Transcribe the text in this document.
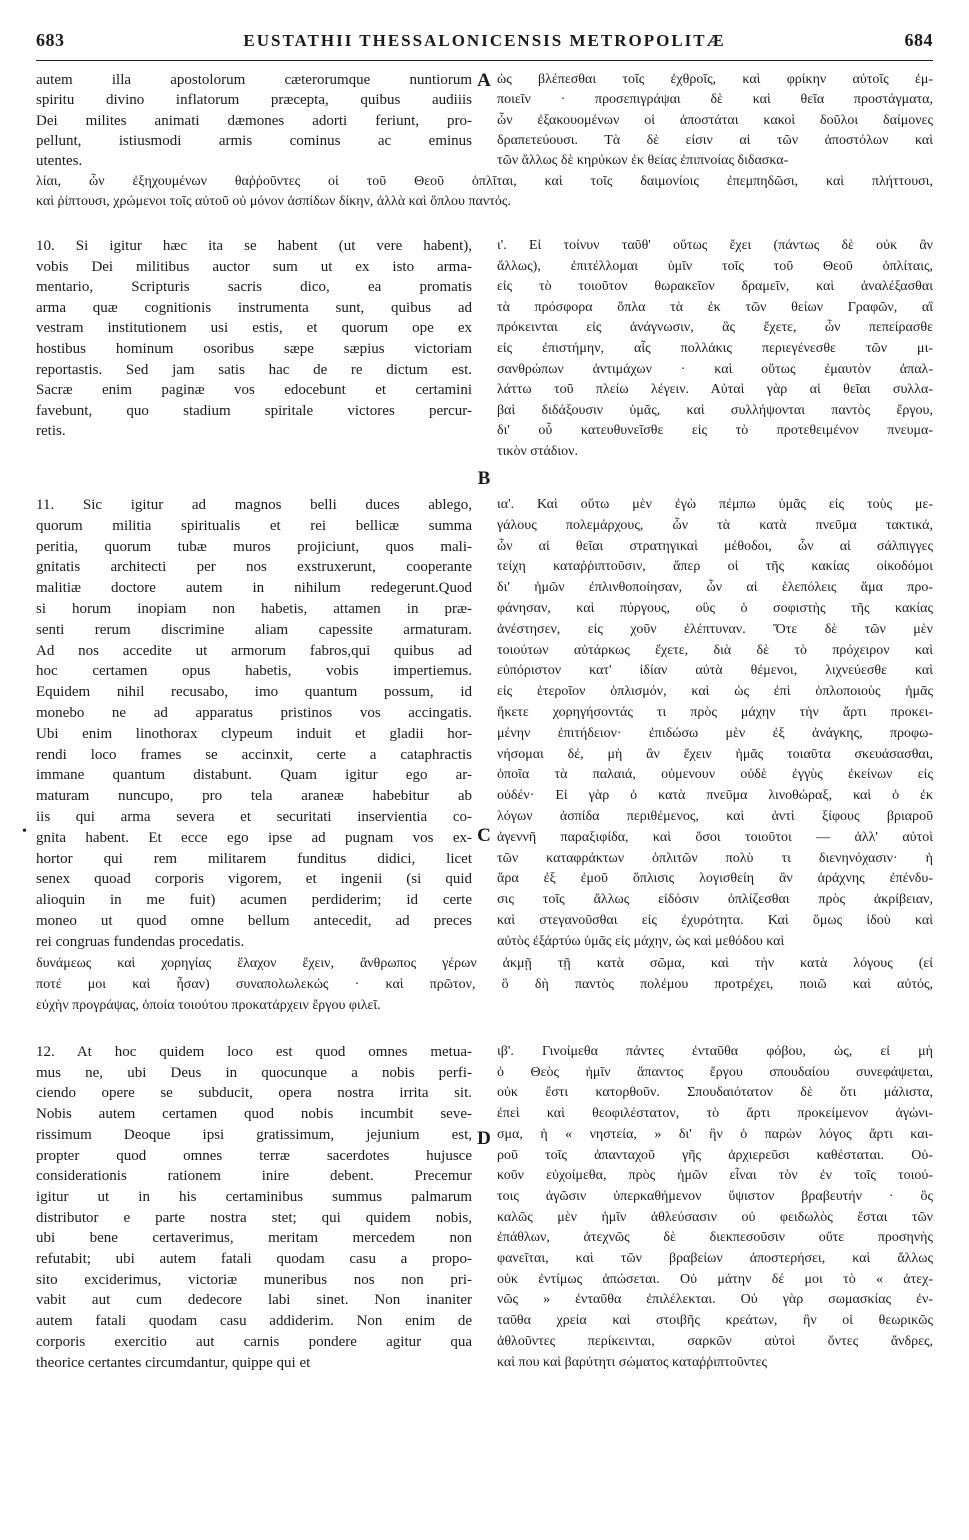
683	EUSTATHII THESSALONICENSIS METROPOLITÆ	684
autem illa apostolorum cæterorumque nuntiorum
spiritu divino inflatorum præcepta, quibus audiiis
Dei milites animati dæmones adorti feriunt, pro-
pellunt, istiusmodi armis cominus ac eminus
utentes.
10. Si igitur hæc ita se habent (ut vere habent),
vobis Dei militibus auctor sum ut ex isto arma-
mentario, Scripturis sacris dico, ea promatis
arma quæ cognitionis instrumenta sunt, quibus ad
vestram institutionem usi estis, et quorum ope ex
hostibus hominum osoribus sæpe sæpius victoriam
reportastis. Sed jam satis hac de re dictum est.
Sacræ enim paginæ vos edocebunt et certamini
favebunt, quo stadium spiritale victores percur-
retis.
11. Sic igitur ad magnos belli duces ablego,
quorum militia spiritualis et rei bellicæ summa
peritia, quorum tubæ muros projiciunt, quos mali-
gnitatis architecti per nos exstruxerunt, cooperante
malitiæ doctore autem in nihilum redegerunt.Quod
si horum inopiam non habetis, attamen in præ-
senti rerum discrimine aliam capessite armaturam.
Ad nos accedite ut armorum fabros,qui quibus ad
hoc certamen opus habetis, vobis impertiemus.
Equidem nihil recusabo, imo quantum possum, id
monebo ne ad apparatus pristinos vos accingatis.
Ubi enim linothorax clypeum induit et gladii hor-
rendi loco frames se accinxit, certe a cataphractis
immane quantum distabunt. Quam igitur ego ar-
maturam nuncupo, pro tela araneæ habebitur ab
iis qui arma severa et securitati inservientia co-
gnita habent. Et ecce ego ipse ad pugnam vos ex-
hortor qui rem militarem funditus didici, licet
senex quoad corporis vigorem, et ingenii (si quid
alioquin in me fuit) acumen perdiderim; id certe
moneo ut quod omne bellum antecedit, ad preces
rei congruas fundendas procedatis.
12. At hoc quidem loco est quod omnes metua-
mus ne, ubi Deus in quocunque a nobis perfi-
ciendo opere se subducit, opera nostra irrita sit.
Nobis autem certamen quod nobis incumbit seve-
rissimum Deoque ipsi gratissimum, jejunium est,
propter quod omnes terræ sacerdotes hujusce
considerationis rationem inire debent. Precemur
igitur ut in his certaminibus summus palmarum
distributor e parte nostra stet; qui quidem nobis,
ubi bene certaverimus, meritam mercedem non
refutabit; ubi autem fatali quodam casu a propo-
sito exciderimus, victoriæ muneribus nos non pri-
vabit aut cum dedecore labi sinet. Non inaniter
autem fatali quodam casu addiderim. Non enim de
corporis exercitio aut carnis pondere agitur qua
theorice certantes circumdantur, quippe qui et
ὡς βλέπεσθαι τοῖς ἐχθροῖς, καὶ φρίκην αὐτοῖς ἐμ-
ποιεῖν · προσεπιγράψαι δὲ καὶ θεῖα προστάγματα,
ὧν ἐξακουομένων οἱ ἀποστάται κακοὶ δοῦλοι δαίμονες
δραπετεύουσι. Τὰ δὲ εἰσιν αἱ τῶν ἀποστόλων καὶ
τῶν ἄλλως δὲ κηρύκων ἐκ θείας ἐπιπνοίας διδασκα-
ι'. Εἰ τοίνυν ταῦθ' οὕτως ἔχει (πάντως δὲ οὐκ ἂν
ἄλλως), ἐπιτέλλομαι ὑμῖν τοῖς τοῦ Θεοῦ ὁπλίταις,
εἰς τὸ τοιοῦτον θωρακεῖον δραμεῖν, καὶ ἀναλέξασθαι
τὰ πρόσφορα ὅπλα τὰ ἐκ τῶν θείων Γραφῶν, αἳ
πρόκεινται εἰς ἀνάγνωσιν, ἃς ἔχετε, ὧν πεπείρασθε
εἰς ἐπιστήμην, αἷς πολλάκις περιεγένεσθε τῶν μι-
σανθρώπων ἀντιμάχων · καὶ οὕτως ἐμαυτὸν ἀπαλ-
λάττω τοῦ πλείω λέγειν. Αὐταὶ γὰρ αἱ θεῖαι συλλα-
βαὶ διδάξουσιν ὑμᾶς, καὶ συλλήψονται παντὸς ἔργου,
δι' οὗ κατευθυνεῖσθε εἰς τὸ προτεθειμένον πνευμα-
τικὸν στάδιον.
ια'. Καὶ οὕτω μὲν ἐγὼ πέμπω ὑμᾶς εἰς τοὺς με-
γάλους πολεμάρχους, ὧν τὰ κατὰ πνεῦμα τακτικά,
ὧν αἱ θεῖαι στρατηγικαὶ μέθοδοι, ὧν αἱ σάλπιγγες
τείχη καταῤῥιπτοῦσιν, ἅπερ οἱ τῆς κακίας οἰκοδόμοι
δι' ἡμῶν ἐπλινθοποίησαν, ὧν αἱ ἑλεπόλεις ἅμα προ-
φάνησαν, καὶ πύργους, οὓς ὁ σοφιστὴς τῆς κακίας
ἀνέστησεν, εἰς χοῦν ἐλέπτυναν. Ὅτε δὲ τῶν μὲν
τοιούτων αὐτάρκως ἔχετε, διὰ δὲ τὸ πρόχειρον καὶ
εὐπόριστον κατ' ἰδίαν αὐτὰ θέμενοι, λιχνεύεσθε καὶ
εἰς ἑτεροῖον ὁπλισμόν, καὶ ὡς ἐπὶ ὁπλοποιοὺς ἡμᾶς
ἥκετε χορηγήσοντάς τι πρὸς μάχην τὴν ἄρτι προκει-
μένην ἐπιτήδειον· ἐπιδώσω μὲν ἐξ ἀνάγκης, προφω-
νήσομαι δέ, μὴ ἂν ἔχειν ἡμᾶς τοιαῦτα σκευάσασθαι,
ὁποῖα τὰ παλαιά, οὐμενουν οὐδὲ ἐγγὺς ἐκείνων εἰς
οὐδέν· Εἰ γὰρ ὁ κατὰ πνεῦμα λινοθώραξ, καὶ ὁ ἐκ
λόγων ἀσπίδα περιθέμενος, καὶ ἀντὶ ξίφους βριαροῦ
ἀγεννῆ παραξιφίδα, καὶ ὅσοι τοιοῦτοι — ἀλλ' αὐτοὶ
τῶν καταφράκτων ὁπλιτῶν πολὺ τι διενηνόχασιν· ἡ
ἄρα ἐξ ἐμοῦ ὅπλισις λογισθείη ἂν ἀράχνης ἐπένδυ-
σις τοῖς ἄλλως εἰδόσιν ὁπλίζεσθαι πρὸς ἀκρίβειαν,
καὶ στεγανοῦσθαι εἰς ἐχυρότητα. Καὶ ὅμως ἰδοὺ καὶ
αὐτὸς ἐξάρτύω ὑμᾶς εἰς μάχην, ὡς καὶ μεθόδου καὶ
ιβ'. Γινοίμεθα πάντες ἐνταῦθα φόβου, ὡς, εἰ μὴ
ὁ Θεὸς ἡμῖν ἅπαντος ἔργου σπουδαίου συνεφάψεται,
οὐκ ἔστι κατορθοῦν. Σπουδαιότατον δὲ ὅτι μάλιστα,
ἐπεὶ καὶ θεοφιλέστατον, τὸ ἄρτι προκείμενον ἀγώνι-
σμα, ἡ « νηστεία, » δι' ἣν ὁ παρὼν λόγος ἄρτι και-
ροῦ τοῖς ἁπανταχοῦ γῆς ἀρχιερεῦσι καθέσταται. Οὐ-
κοῦν εὐχοίμεθα, πρὸς ἡμῶν εἶναι τὸν ἐν τοῖς τοιού-
τοις ἀγῶσιν ὑπερκαθήμενον ὕψιστον βραβευτήν · ὃς
καλῶς μὲν ἡμῖν ἀθλεύσασιν οὐ φειδωλὸς ἔσται τῶν
ἐπάθλων, ἀτεχνῶς δὲ διεκπεσοῦσιν οὔτε προσηνὴς
φανεῖται, καὶ τῶν βραβείων ἀποστερήσει, καὶ ἄλλως
οὐκ ἐντίμως ἀπώσεται. Οὐ μάτην δέ μοι τὸ « ἀτεχ-
νῶς » ἐνταῦθα ἐπιλέλεκται. Οὐ γὰρ σωμασκίας ἐν-
ταῦθα χρεία καὶ στοιβῆς κρεάτων, ἣν οἱ θεωρικῶς
ἀθλοῦντες περίκεινται, σαρκῶν αὐτοὶ ὄντες ἄνδρες,
καὶ που καὶ βαρύτητι σώματος καταῤῥιπτοῦντες
λίαι, ὧν ἐξηχουμένων θαῤῥοῦντες οἱ τοῦ Θεοῦ ὁπλῖται, καὶ τοῖς δαιμονίοις ἐπεμπηδῶσι, καὶ πλήττουσι,
καὶ ῥίπτουσι, χρώμενοι τοῖς αὐτοῦ οὐ μόνον ἀσπίδων δίκην, ἀλλὰ καὶ ὅπλου παντός.
δυνάμεως καὶ χορηγίας ἔλαχον ἔχειν, ἄνθρωπος γέρων ἀκμῇ τῇ κατὰ σῶμα, καὶ τὴν κατὰ λόγους (εἰ
ποτέ μοι καὶ ἦσαν) συναπολωλεκώς · καὶ πρῶτον, ὃ δὴ παντὸς πολέμου προτρέχει, ποιῶ καὶ αὐτός,
εὐχὴν προγράψας, ὁποία τοιούτου προκατάρχειν ἔργου φιλεῖ.
A
B
C
D
•
